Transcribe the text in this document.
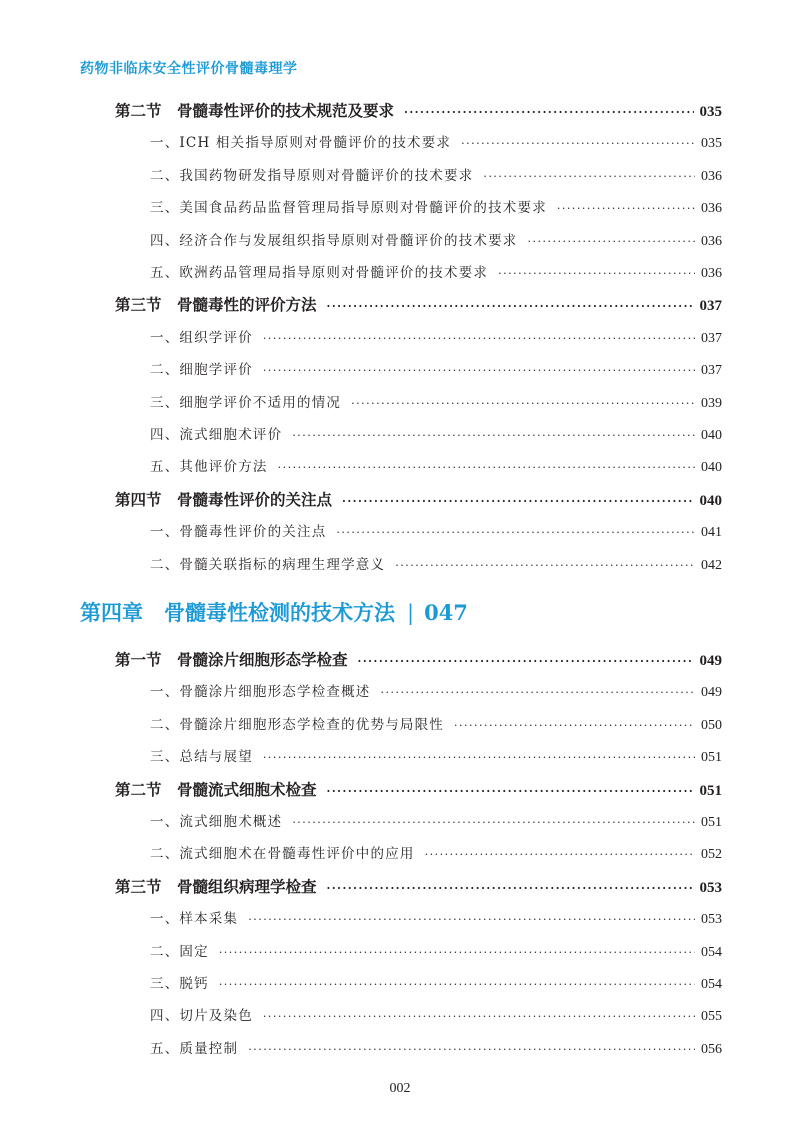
药物非临床安全性评价骨髓毒理学
第二节　骨髓毒性评价的技术规范及要求 ·····	035
一、ICH 相关指导原则对骨髓评价的技术要求 ·····	035
二、我国药物研发指导原则对骨髓评价的技术要求 ·····	036
三、美国食品药品监督管理局指导原则对骨髓评价的技术要求 ·····	036
四、经济合作与发展组织指导原则对骨髓评价的技术要求 ·····	036
五、欧洲药品管理局指导原则对骨髓评价的技术要求 ·····	036
第三节　骨髓毒性的评价方法 ·····	037
一、组织学评价 ·····	037
二、细胞学评价 ·····	037
三、细胞学评价不适用的情况 ·····	039
四、流式细胞术评价 ·····	040
五、其他评价方法 ·····	040
第四节　骨髓毒性评价的关注点 ·····	040
一、骨髓毒性评价的关注点 ·····	041
二、骨髓关联指标的病理生理学意义 ·····	042
第一节　骨髓涂片细胞形态学检查 ·····	049
一、骨髓涂片细胞形态学检查概述 ·····	049
二、骨髓涂片细胞形态学检查的优势与局限性 ·····	050
三、总结与展望 ·····	051
第二节　骨髓流式细胞术检查 ·····	051
一、流式细胞术概述 ·····	051
二、流式细胞术在骨髓毒性评价中的应用 ·····	052
第三节　骨髓组织病理学检查 ·····	053
一、样本采集 ·····	053
二、固定 ·····	054
三、脱钙 ·····	054
四、切片及染色 ·····	055
五、质量控制 ·····	056
第四章　骨髓毒性检测的技术方法 | 047
002
